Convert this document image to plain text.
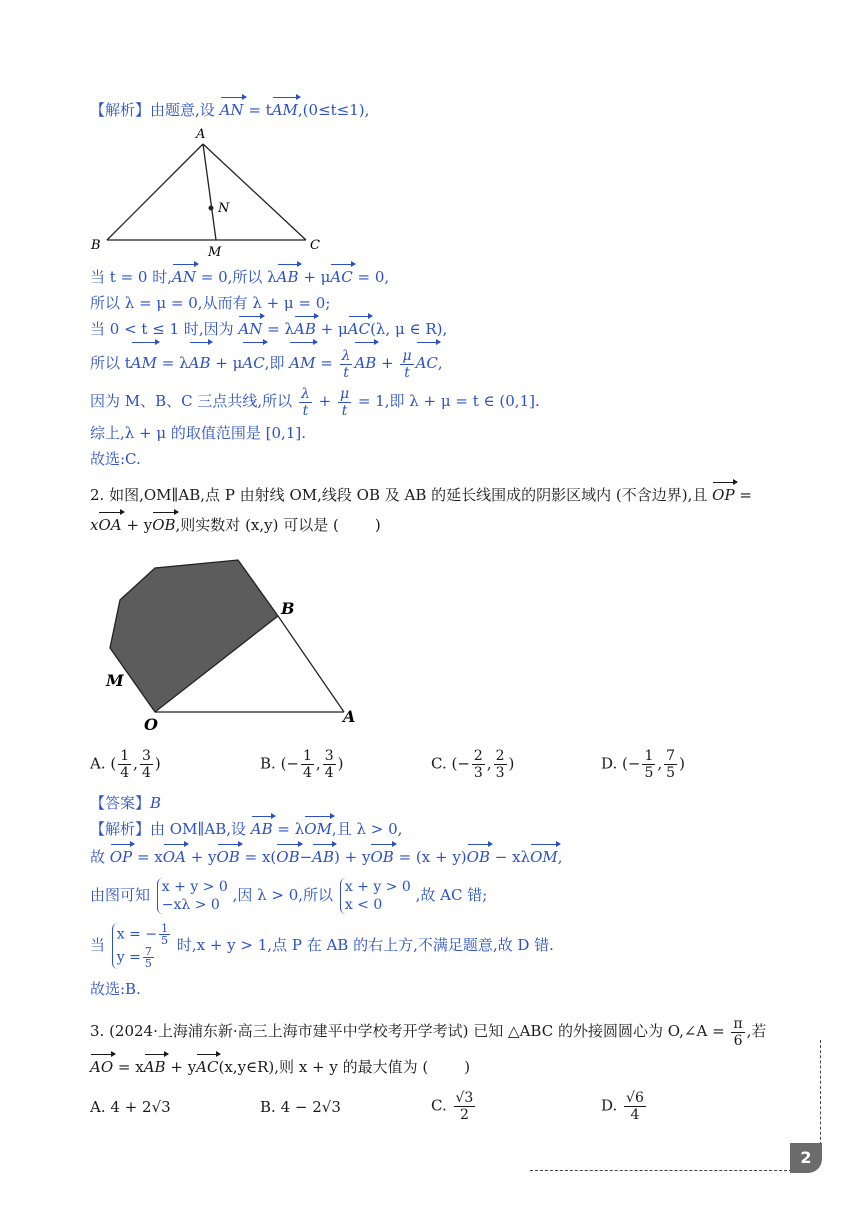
【解析】由题意,设 AN = tAM,(0≤t≤1),
A
B	C
M
N
当 t = 0 时,AN = 0,所以 λAB + μAC = 0,
所以 λ = μ = 0,从而有 λ + μ = 0;
当 0 < t ≤ 1 时,因为 AN = λAB + μAC(λ, μ ∈ R),
所以 tAM = λAB + μAC,即 AM = $\frac{\lambda}{t}$ AB + $\frac{\mu}{t}$ AC,
因为 M、B、C 三点共线,所以 $\frac{\lambda}{t} + \frac{\mu}{t} = 1$,即 λ + μ = t ∈ (0,1].
综上,λ + μ 的取值范围是 [0,1].
故选:C.
2. 如图,OM∥AB,点 P 由射线 OM,线段 OB 及 AB 的延长线围成的阴影区域内 (不含边界),且 OP =
xOA + yOB,则实数对 (x,y) 可以是 ( )
B
M
O	A
A. ( $\frac{1}{4}$ , $\frac{3}{4}$ )	B. (− $\frac{1}{4}$ , $\frac{3}{4}$ )	C. (− $\frac{2}{3}$ , $\frac{2}{3}$ )	D. (− $\frac{1}{5}$ , $\frac{7}{5}$ )
【答案】B
【解析】由 OM∥AB,设 AB = λOM,且 λ > 0,
故 OP = xOA + yOB = x(OB−AB) + yOB = (x + y)OB − xλOM,
由图可知 x + y > 0
−xλ > 0
,因 λ > 0,所以 x + y > 0
x < 0
,故 AC 错;
当
x = − $\frac{1}{5}$
$y = \frac{7}{5}$
时,x + y > 1,点 P 在 AB 的右上方,不满足题意,故 D 错.
故选:B.
3. (2024·上海浦东新·高三上海市建平中学校考开学考试) 已知 △ABC 的外接圆圆心为 O,∠A = $\frac{\pi}{6}$ ,若
AO = xAB + yAC(x,y∈R),则 x + y 的最大值为 ( )
A. 4 + 2√3	B. 4 − 2√3	C. $\frac{√3}{2}$	D. $\frac{√6}{4}$
2
